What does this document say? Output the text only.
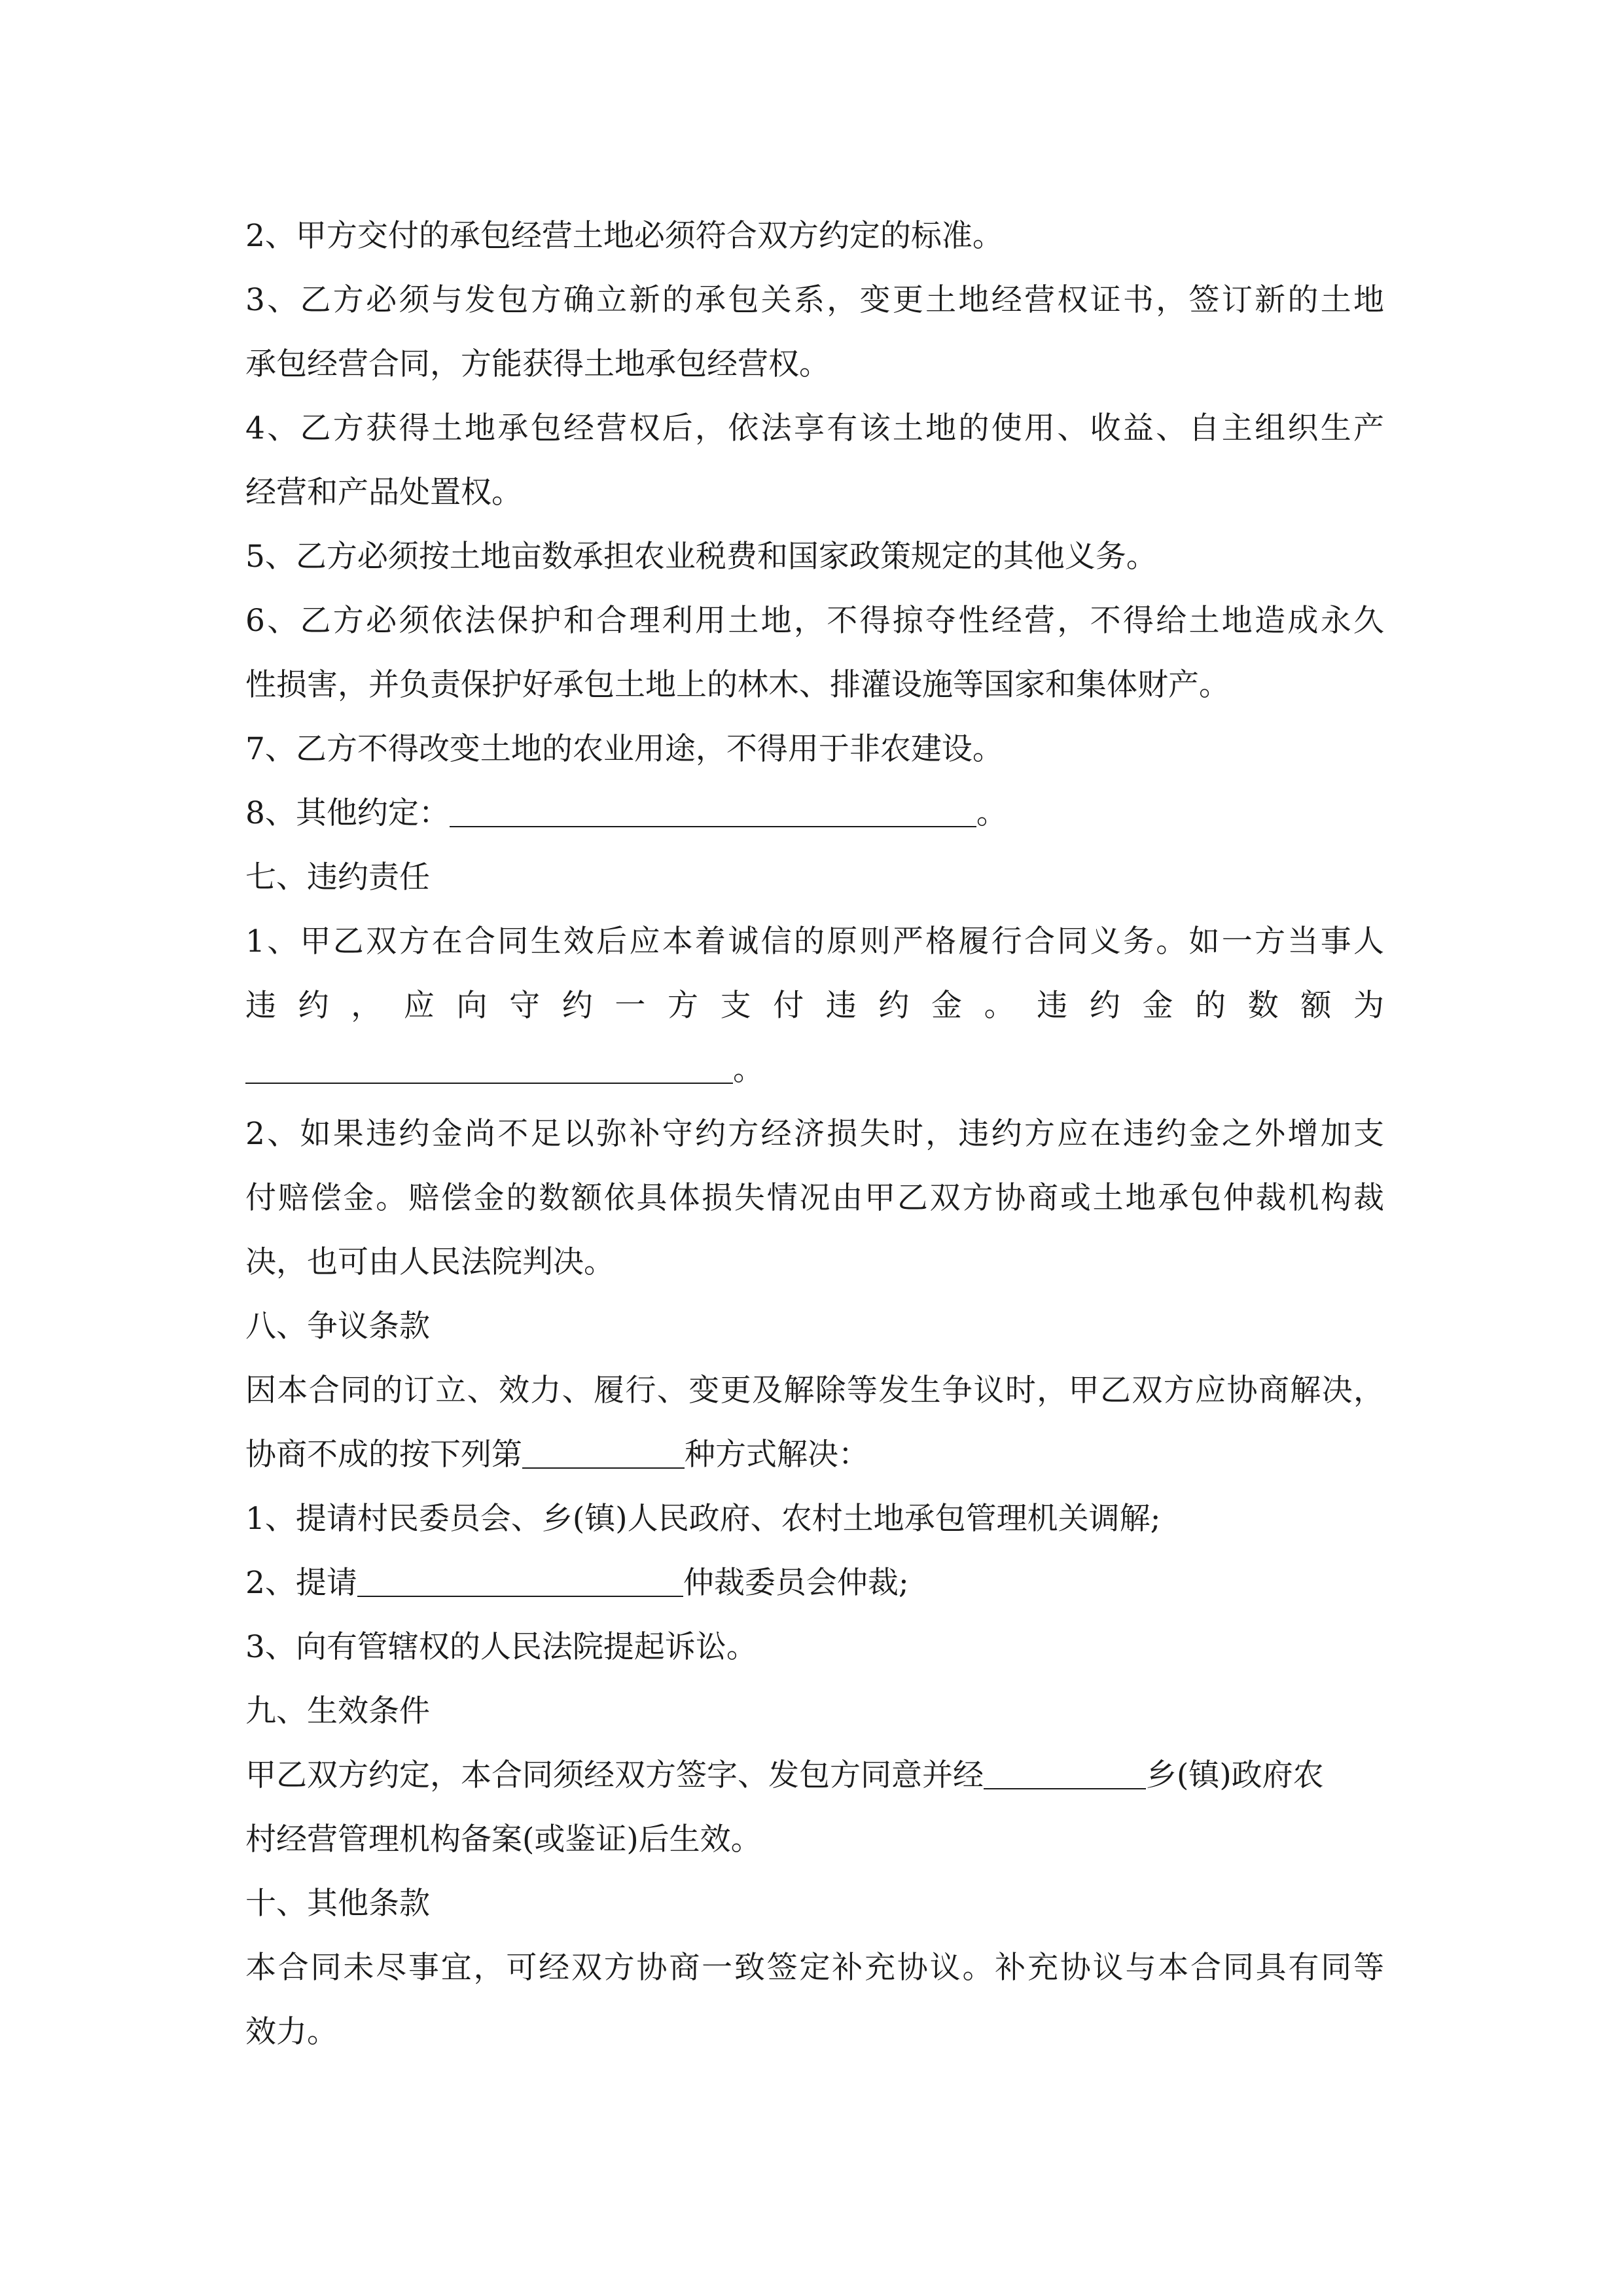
2、甲方交付的承包经营土地必须符合双方约定的标准。
3、乙方必须与发包方确立新的承包关系，变更土地经营权证书，签订新的土地
承包经营合同，方能获得土地承包经营权。
4、乙方获得土地承包经营权后，依法享有该土地的使用、收益、自主组织生产
经营和产品处置权。
5、乙方必须按土地亩数承担农业税费和国家政策规定的其他义务。
6、乙方必须依法保护和合理利用土地，不得掠夺性经营，不得给土地造成永久
性损害，并负责保护好承包土地上的林木、排灌设施等国家和集体财产。
7、乙方不得改变土地的农业用途，不得用于非农建设。
8、其他约定：	。
七、违约责任
1、甲乙双方在合同生效后应本着诚信的原则严格履行合同义务。如一方当事人
违约，应向守约一方支付违约金。违约金的数额为
。
2、如果违约金尚不足以弥补守约方经济损失时，违约方应在违约金之外增加支
付赔偿金。赔偿金的数额依具体损失情况由甲乙双方协商或土地承包仲裁机构裁
决，也可由人民法院判决。
八、争议条款
因本合同的订立、效力、履行、变更及解除等发生争议时，甲乙双方应协商解决，
协商不成的按下列第	种方式解决：
1、提请村民委员会、乡(镇)人民政府、农村土地承包管理机关调解;
2、提请	仲裁委员会仲裁;
3、向有管辖权的人民法院提起诉讼。
九、生效条件
甲乙双方约定，本合同须经双方签字、发包方同意并经	乡(镇)政府农
村经营管理机构备案(或鉴证)后生效。
十、其他条款
本合同未尽事宜，可经双方协商一致签定补充协议。补充协议与本合同具有同等
效力。
